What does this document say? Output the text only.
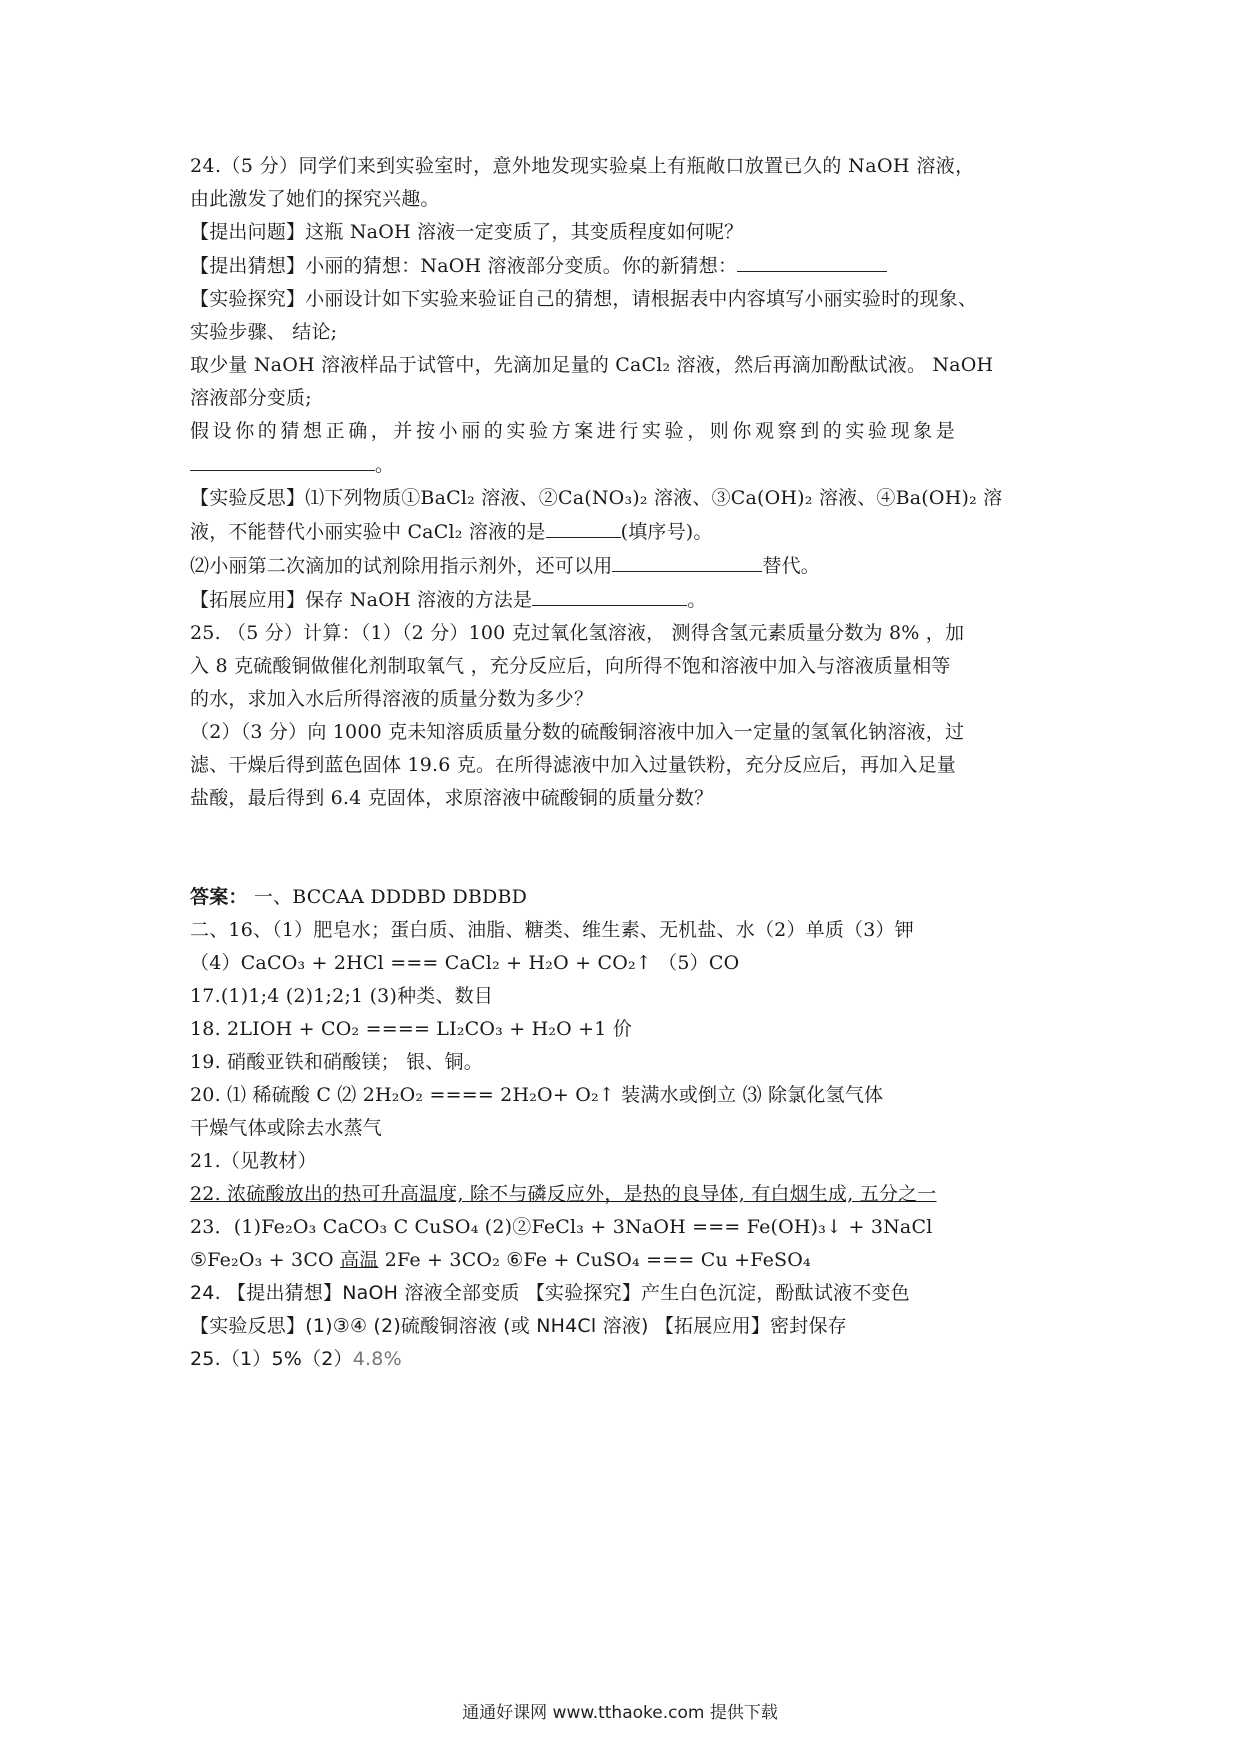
24.（5 分）同学们来到实验室时，意外地发现实验桌上有瓶敞口放置已久的 NaOH 溶液，
由此激发了她们的探究兴趣。
【提出问题】这瓶 NaOH 溶液一定变质了，其变质程度如何呢？
【提出猜想】小丽的猜想：NaOH 溶液部分变质。你的新猜想：
【实验探究】小丽设计如下实验来验证自己的猜想，请根据表中内容填写小丽实验时的现象、
实验步骤、 结论;
取少量 NaOH 溶液样品于试管中，先滴加足量的 CaCl₂ 溶液，然后再滴加酚酞试液。 NaOH
溶液部分变质;
假设你的猜想正确，并按小丽的实验方案进行实验，则你观察到的实验现象是
。
【实验反思】⑴下列物质①BaCl₂ 溶液、②Ca(NO₃)₂ 溶液、③Ca(OH)₂ 溶液、④Ba(OH)₂ 溶
液，不能替代小丽实验中 CaCl₂ 溶液的是	(填序号)。
⑵小丽第二次滴加的试剂除用指示剂外，还可以用	替代。
【拓展应用】保存 NaOH 溶液的方法是	。
25. （5 分）计算：（1）（2 分）100 克过氧化氢溶液， 测得含氢元素质量分数为 8% ，加
入 8 克硫酸铜做催化剂制取氧气 ，充分反应后，向所得不饱和溶液中加入与溶液质量相等
的水，求加入水后所得溶液的质量分数为多少？
（2）（3 分）向 1000 克未知溶质质量分数的硫酸铜溶液中加入一定量的氢氧化钠溶液，过
滤、干燥后得到蓝色固体 19.6 克。在所得滤液中加入过量铁粉，充分反应后，再加入足量
盐酸，最后得到 6.4 克固体，求原溶液中硫酸铜的质量分数？
答案： 一、BCCAA DDDBD DBDBD
二、16、（1）肥皂水；蛋白质、油脂、糖类、维生素、无机盐、水（2）单质（3）钾
（4）CaCO₃ + 2HCl === CaCl₂ + H₂O + CO₂↑ （5）CO
17.(1)1;4 (2)1;2;1 (3)种类、数目
18. 2LIOH + CO₂ ==== LI₂CO₃ + H₂O +1 价
19. 硝酸亚铁和硝酸镁； 银、铜。
20. ⑴ 稀硫酸 C ⑵ 2H₂O₂ ==== 2H₂O+ O₂↑ 装满水或倒立 ⑶ 除氯化氢气体
干燥气体或除去水蒸气
21.（见教材）
22. 浓硫酸放出的热可升高温度, 除不与磷反应外，是热的良导体, 有白烟生成, 五分之一
23．(1)Fe₂O₃ CaCO₃ C CuSO₄ (2)②FeCl₃ + 3NaOH === Fe(OH)₃↓ + 3NaCl
⑤Fe₂O₃ + 3CO 高温 2Fe + 3CO₂ ⑥Fe + CuSO₄ === Cu +FeSO₄
24. 【提出猜想】NaOH 溶液全部变质 【实验探究】产生白色沉淀，酚酞试液不变色
【实验反思】(1)③④ (2)硫酸铜溶液 (或 NH4Cl 溶液) 【拓展应用】密封保存
25.（1）5%（2）4.8%
通通好课网 www.tthaoke.com 提供下载
